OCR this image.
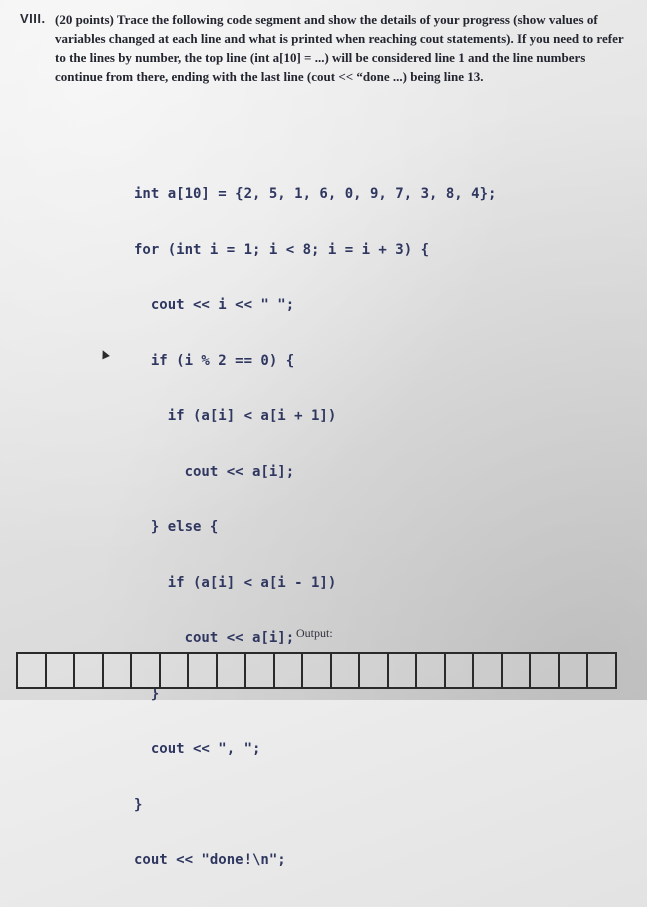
VIII. (20 points) Trace the following code segment and show the details of your progress (show values of variables changed at each line and what is printed when reaching cout statements). If you need to refer to the lines by number, the top line (int a[10] = ...) will be considered line 1 and the line numbers continue from there, ending with the last line (cout << “done ...) being line 13.

int a[10] = {2, 5, 1, 6, 0, 9, 7, 3, 8, 4};

for (int i = 1; i < 8; i = i + 3) {

cout << i << " ";

if (i % 2 == 0) {

if (a[i] < a[i + 1])

cout << a[i];

} else {

if (a[i] < a[i - 1])

cout << a[i];

}

cout << ", ";

}

cout << "done!\n";

▲
Output:
